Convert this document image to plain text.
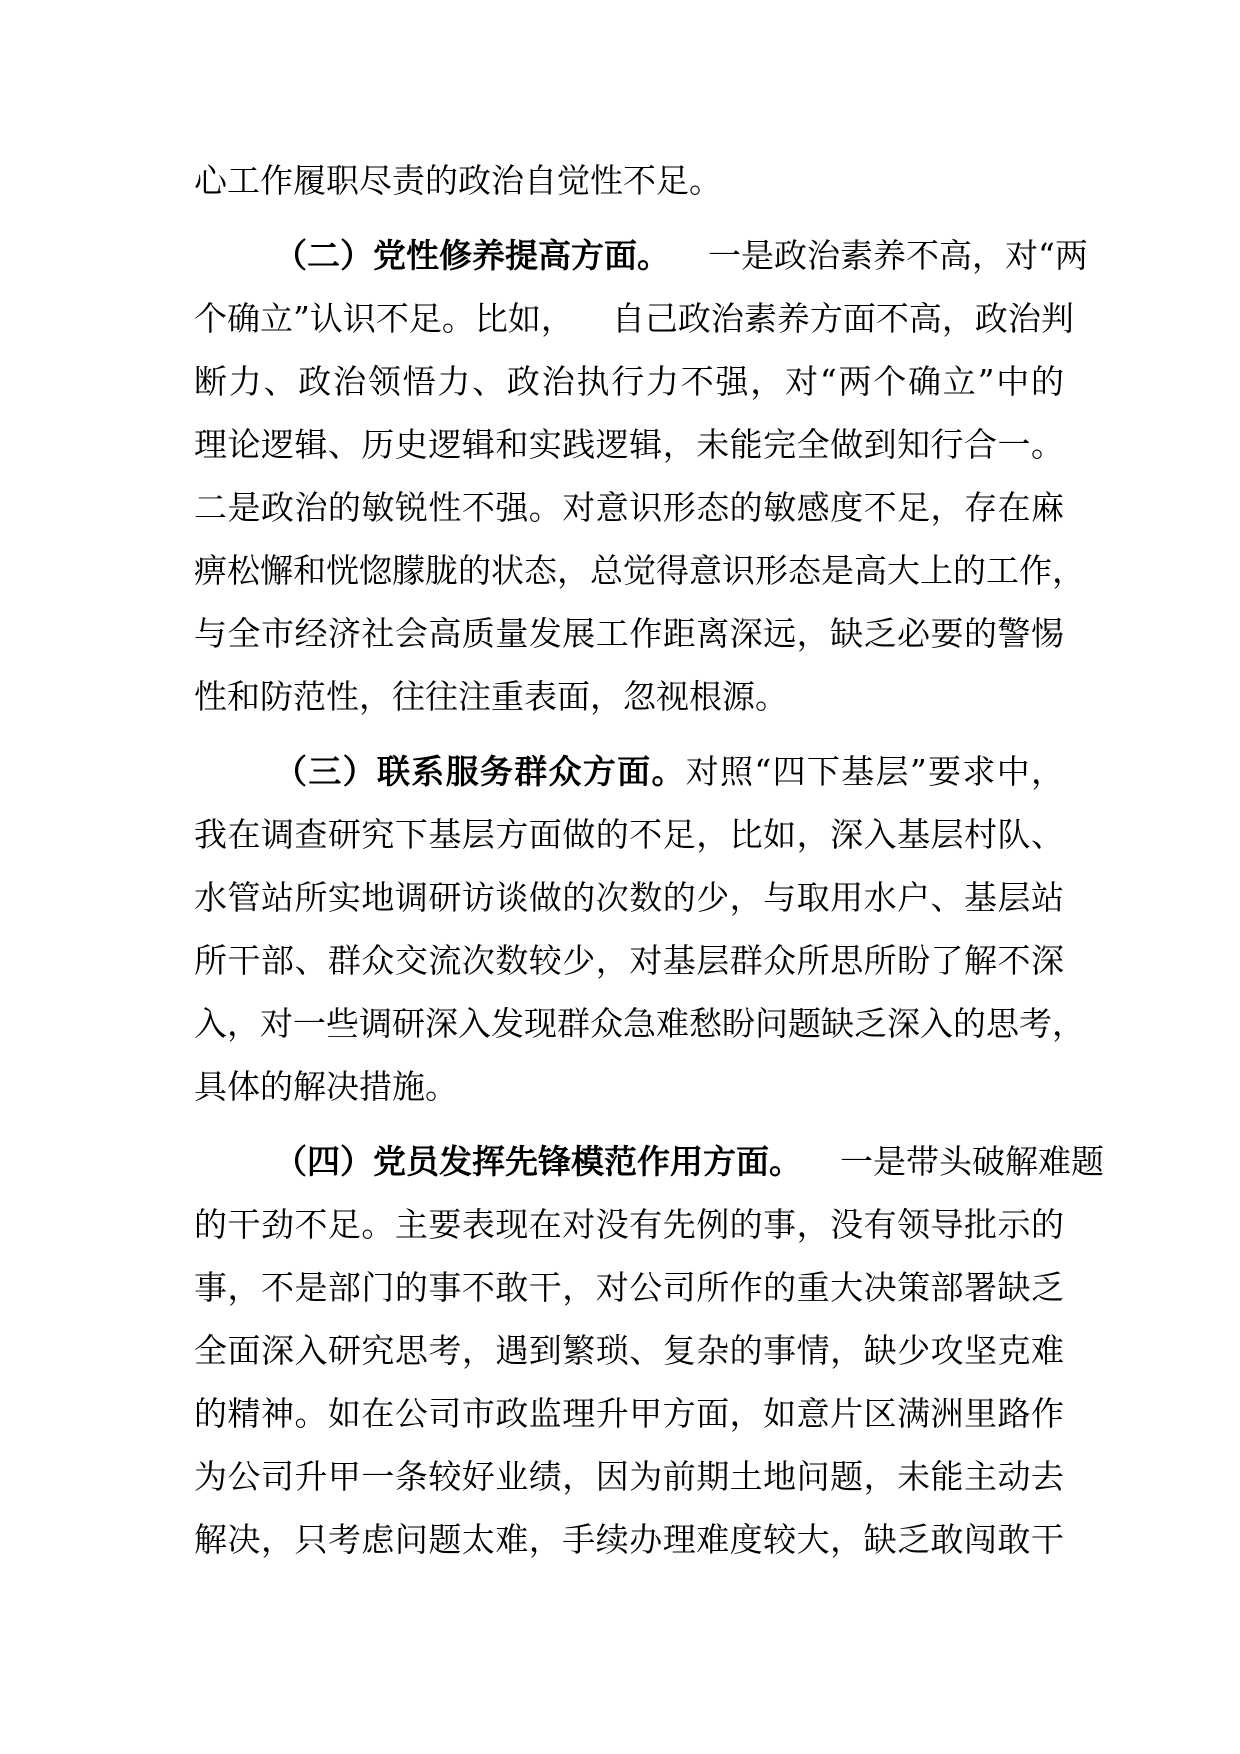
心工作履职尽责的政治自觉性不足。
（二）党性修养提高方面。 一是政治素养不高，对“两
个确立”认识不足。比如， 自己政治素养方面不高，政治判
断力、政治领悟力、政治执行力不强，对“两个确立”中的
理论逻辑、历史逻辑和实践逻辑，未能完全做到知行合一。
二是政治的敏锐性不强。对意识形态的敏感度不足，存在麻
痹松懈和恍惚朦胧的状态，总觉得意识形态是高大上的工作，
与全市经济社会高质量发展工作距离深远，缺乏必要的警惕
性和防范性，往往注重表面，忽视根源。
（三）联系服务群众方面。对照“四下基层”要求中，
我在调查研究下基层方面做的不足，比如，深入基层村队、
水管站所实地调研访谈做的次数的少，与取用水户、基层站
所干部、群众交流次数较少，对基层群众所思所盼了解不深
入，对一些调研深入发现群众急难愁盼问题缺乏深入的思考，
具体的解决措施。
（四）党员发挥先锋模范作用方面。 一是带头破解难题
的干劲不足。主要表现在对没有先例的事，没有领导批示的
事，不是部门的事不敢干，对公司所作的重大决策部署缺乏
全面深入研究思考，遇到繁琐、复杂的事情，缺少攻坚克难
的精神。如在公司市政监理升甲方面，如意片区满洲里路作
为公司升甲一条较好业绩，因为前期土地问题，未能主动去
解决，只考虑问题太难，手续办理难度较大，缺乏敢闯敢干
